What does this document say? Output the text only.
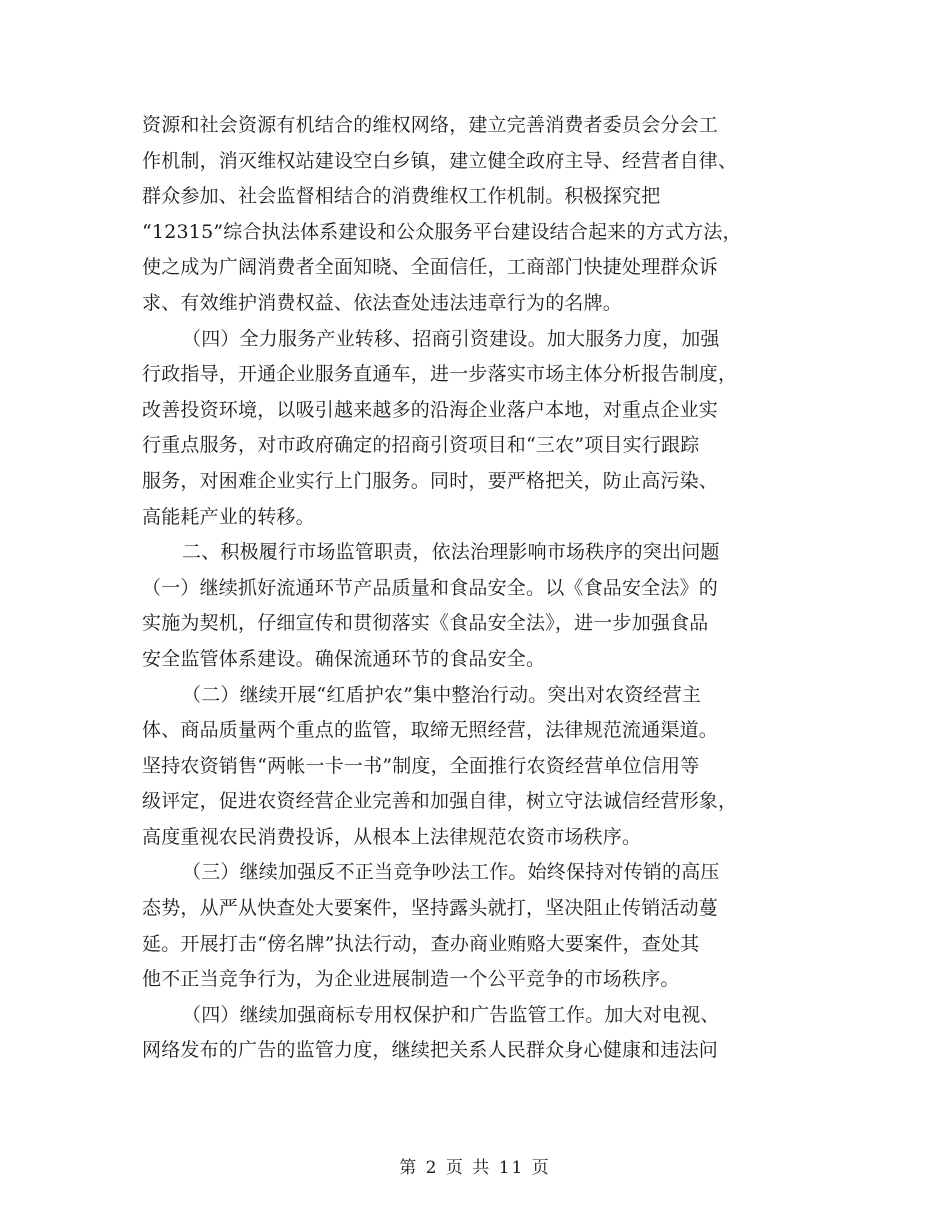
资源和社会资源有机结合的维权网络，建立完善消费者委员会分会工
作机制，消灭维权站建设空白乡镇，建立健全政府主导、经营者自律、
群众参加、社会监督相结合的消费维权工作机制。积极探究把
“12315”综合执法体系建设和公众服务平台建设结合起来的方式方法，
使之成为广阔消费者全面知晓、全面信任，工商部门快捷处理群众诉
求、有效维护消费权益、依法查处违法违章行为的名牌。
（四）全力服务产业转移、招商引资建设。加大服务力度，加强
行政指导，开通企业服务直通车，进一步落实市场主体分析报告制度，
改善投资环境，以吸引越来越多的沿海企业落户本地，对重点企业实
行重点服务，对市政府确定的招商引资项目和“三农”项目实行跟踪
服务，对困难企业实行上门服务。同时，要严格把关，防止高污染、
高能耗产业的转移。
二、积极履行市场监管职责，依法治理影响市场秩序的突出问题
（一）继续抓好流通环节产品质量和食品安全。以《食品安全法》的
实施为契机，仔细宣传和贯彻落实《食品安全法》，进一步加强食品
安全监管体系建设。确保流通环节的食品安全。
（二）继续开展“红盾护农”集中整治行动。突出对农资经营主
体、商品质量两个重点的监管，取缔无照经营，法律规范流通渠道。
坚持农资销售“两帐一卡一书”制度，全面推行农资经营单位信用等
级评定，促进农资经营企业完善和加强自律，树立守法诚信经营形象，
高度重视农民消费投诉，从根本上法律规范农资市场秩序。
（三）继续加强反不正当竞争吵法工作。始终保持对传销的高压
态势，从严从快查处大要案件，坚持露头就打，坚决阻止传销活动蔓
延。开展打击“傍名牌”执法行动，查办商业贿赂大要案件，查处其
他不正当竞争行为，为企业进展制造一个公平竞争的市场秩序。
（四）继续加强商标专用权保护和广告监管工作。加大对电视、
网络发布的广告的监管力度，继续把关系人民群众身心健康和违法问
第 2 页 共 11 页
